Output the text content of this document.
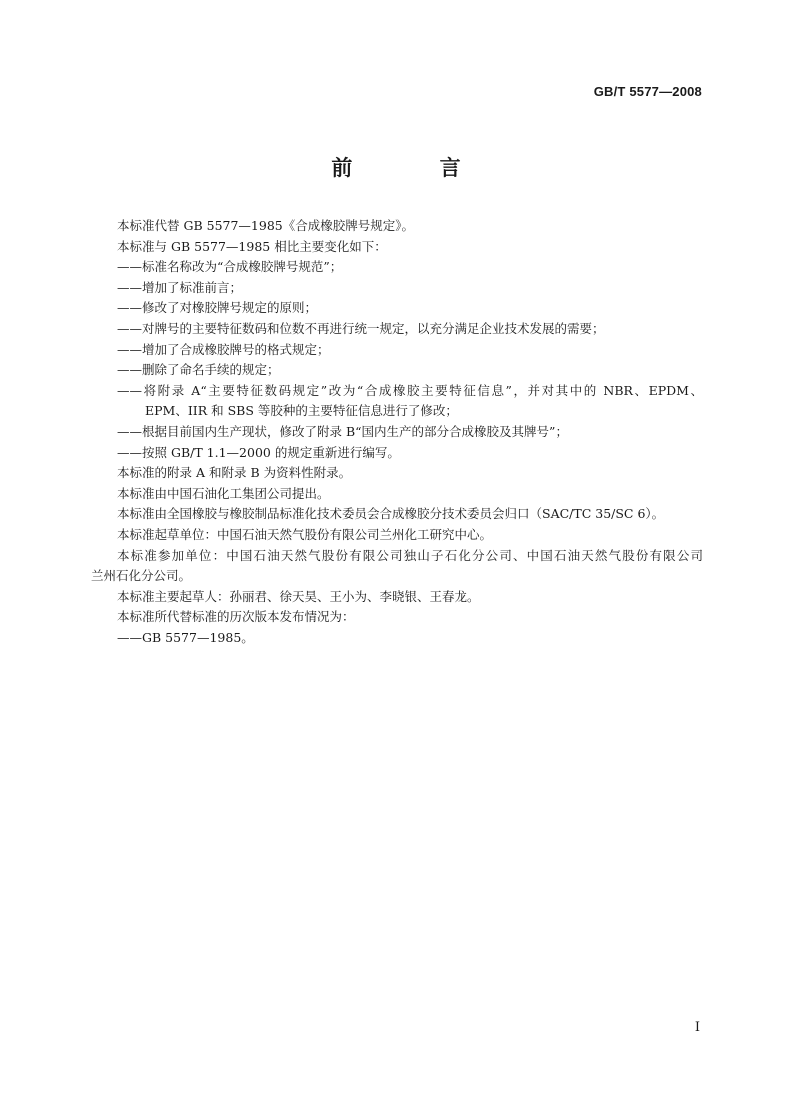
GB/T 5577—2008
前 言
本标准代替 GB 5577—1985《合成橡胶牌号规定》。
本标准与 GB 5577—1985 相比主要变化如下：
——标准名称改为“合成橡胶牌号规范”；
——增加了标准前言；
——修改了对橡胶牌号规定的原则；
——对牌号的主要特征数码和位数不再进行统一规定，以充分满足企业技术发展的需要；
——增加了合成橡胶牌号的格式规定；
——删除了命名手续的规定；
——将附录 A“主要特征数码规定”改为“合成橡胶主要特征信息”，并对其中的 NBR、EPDM、
EPM、IIR 和 SBS 等胶种的主要特征信息进行了修改；
——根据目前国内生产现状，修改了附录 B“国内生产的部分合成橡胶及其牌号”；
——按照 GB/T 1.1—2000 的规定重新进行编写。
本标准的附录 A 和附录 B 为资料性附录。
本标准由中国石油化工集团公司提出。
本标准由全国橡胶与橡胶制品标准化技术委员会合成橡胶分技术委员会归口（SAC/TC 35/SC 6）。
本标准起草单位：中国石油天然气股份有限公司兰州化工研究中心。
本标准参加单位：中国石油天然气股份有限公司独山子石化分公司、中国石油天然气股份有限公司
兰州石化分公司。
本标准主要起草人：孙丽君、徐天昊、王小为、李晓银、王春龙。
本标准所代替标准的历次版本发布情况为：
——GB 5577—1985。
I
